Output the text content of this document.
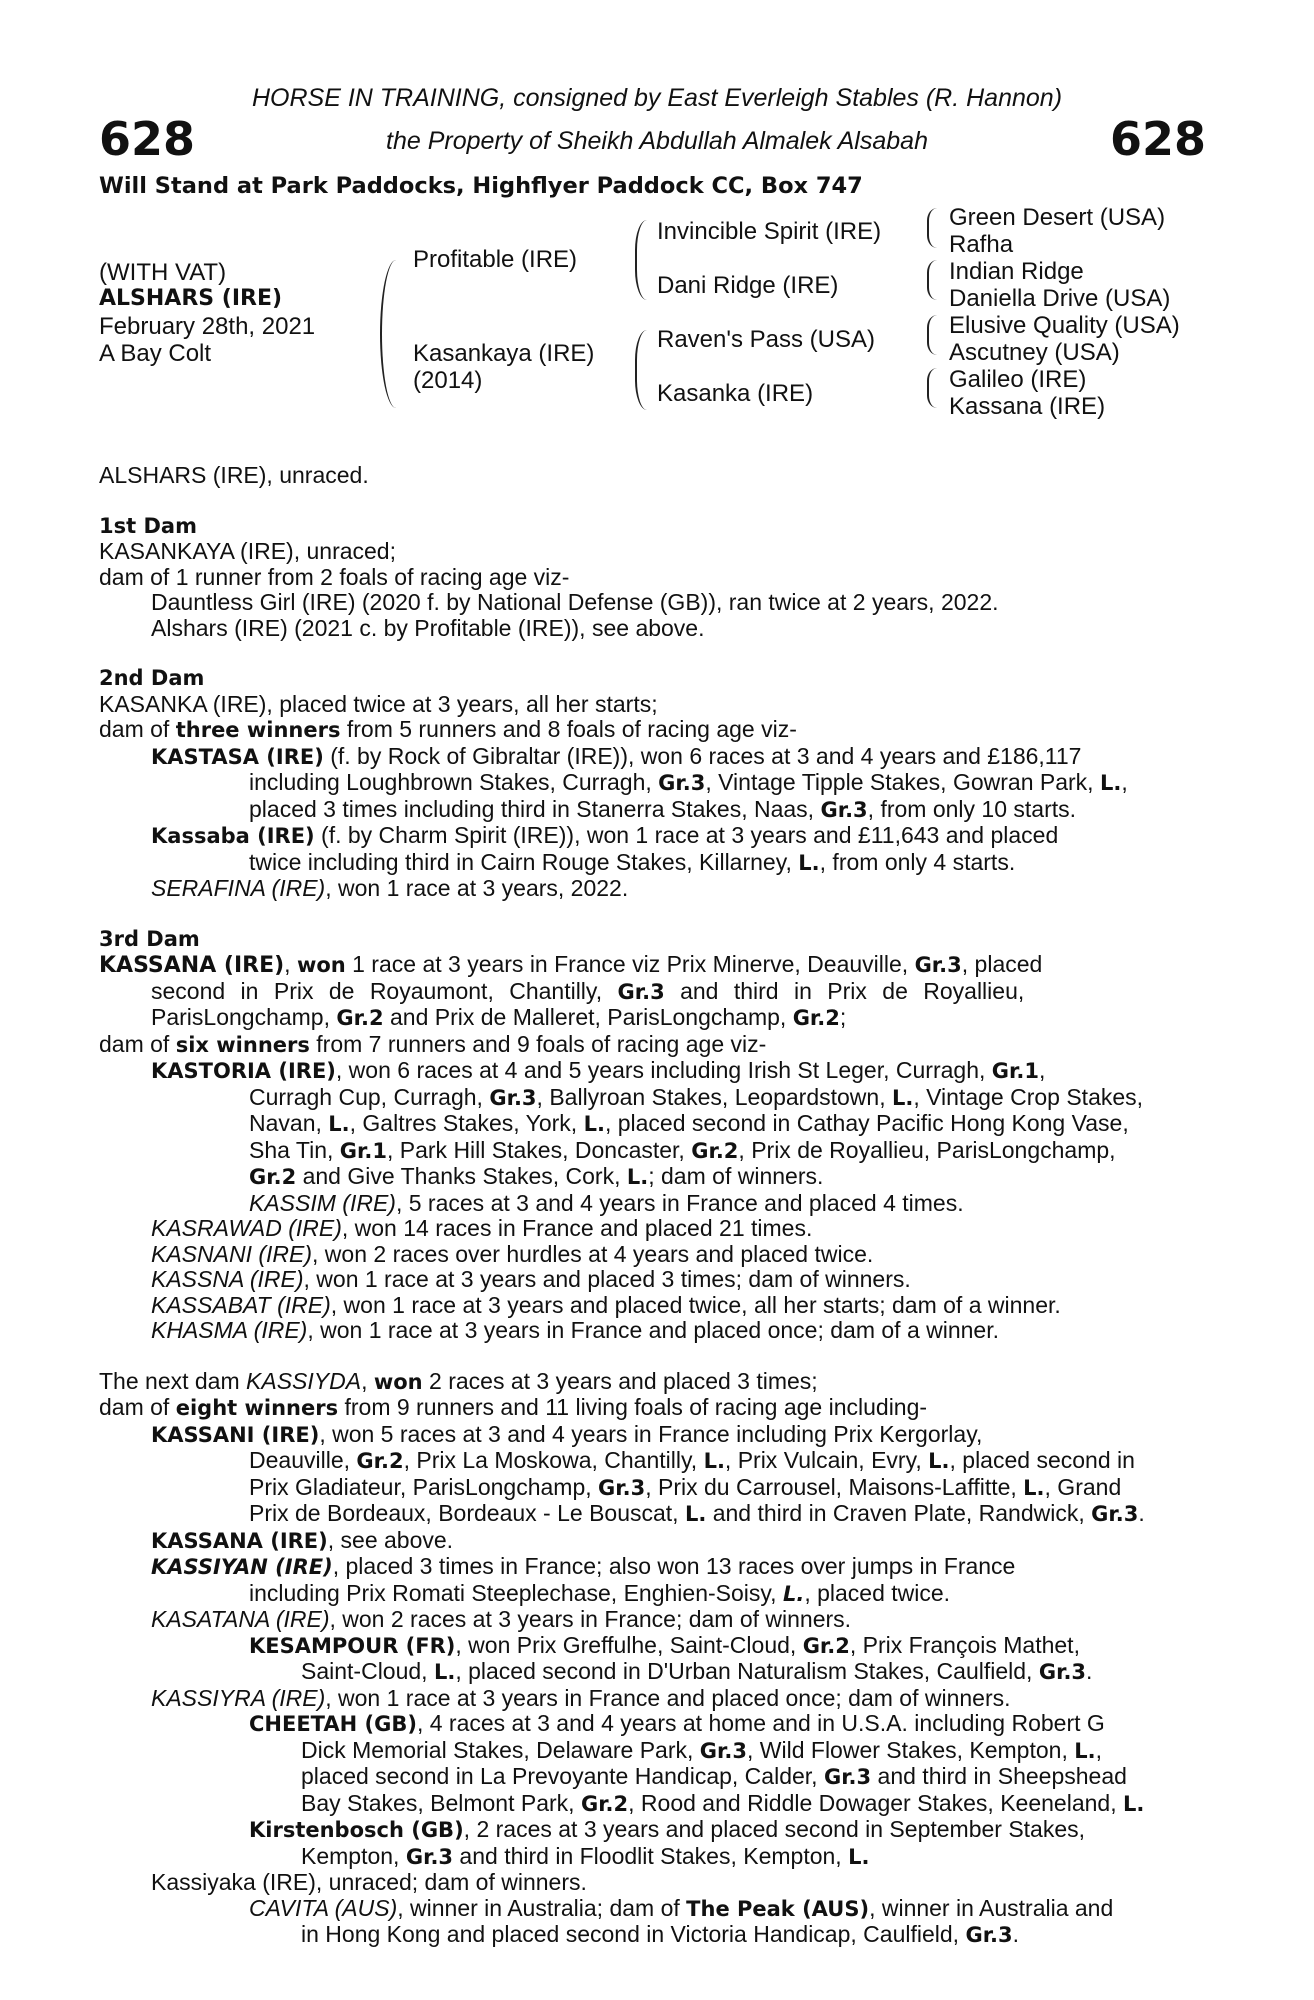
628	628
HORSE IN TRAINING, consigned by East Everleigh Stables (R. Hannon)
the Property of Sheikh Abdullah Almalek Alsabah
Will Stand at Park Paddocks, Highflyer Paddock CC, Box 747
(WITH VAT)
ALSHARS (IRE)
February 28th, 2021
A Bay Colt
Profitable (IRE)
Kasankaya (IRE)
(2014)
Invincible Spirit (IRE)
Dani Ridge (IRE)
Raven's Pass (USA)
Kasanka (IRE)
Green Desert (USA)
Rafha
Indian Ridge
Daniella Drive (USA)
Elusive Quality (USA)
Ascutney (USA)
Galileo (IRE)
Kassana (IRE)
ALSHARS (IRE), unraced.
1st Dam
KASANKAYA (IRE), unraced;
dam of 1 runner from 2 foals of racing age viz-
Dauntless Girl (IRE) (2020 f. by National Defense (GB)), ran twice at 2 years, 2022.
Alshars (IRE) (2021 c. by Profitable (IRE)), see above.
2nd Dam
KASANKA (IRE), placed twice at 3 years, all her starts;
dam of three winners from 5 runners and 8 foals of racing age viz-
KASTASA (IRE) (f. by Rock of Gibraltar (IRE)), won 6 races at 3 and 4 years and £186,117
including Loughbrown Stakes, Curragh, Gr.3, Vintage Tipple Stakes, Gowran Park, L.,
placed 3 times including third in Stanerra Stakes, Naas, Gr.3, from only 10 starts.
Kassaba (IRE) (f. by Charm Spirit (IRE)), won 1 race at 3 years and £11,643 and placed
twice including third in Cairn Rouge Stakes, Killarney, L., from only 4 starts.
SERAFINA (IRE), won 1 race at 3 years, 2022.
3rd Dam
KASSANA (IRE), won 1 race at 3 years in France viz Prix Minerve, Deauville, Gr.3, placed
second in Prix de Royaumont, Chantilly, Gr.3 and third in Prix de Royallieu,
ParisLongchamp, Gr.2 and Prix de Malleret, ParisLongchamp, Gr.2;
dam of six winners from 7 runners and 9 foals of racing age viz-
KASTORIA (IRE), won 6 races at 4 and 5 years including Irish St Leger, Curragh, Gr.1,
Curragh Cup, Curragh, Gr.3, Ballyroan Stakes, Leopardstown, L., Vintage Crop Stakes,
Navan, L., Galtres Stakes, York, L., placed second in Cathay Pacific Hong Kong Vase,
Sha Tin, Gr.1, Park Hill Stakes, Doncaster, Gr.2, Prix de Royallieu, ParisLongchamp,
Gr.2 and Give Thanks Stakes, Cork, L.; dam of winners.
KASSIM (IRE), 5 races at 3 and 4 years in France and placed 4 times.
KASRAWAD (IRE), won 14 races in France and placed 21 times.
KASNANI (IRE), won 2 races over hurdles at 4 years and placed twice.
KASSNA (IRE), won 1 race at 3 years and placed 3 times; dam of winners.
KASSABAT (IRE), won 1 race at 3 years and placed twice, all her starts; dam of a winner.
KHASMA (IRE), won 1 race at 3 years in France and placed once; dam of a winner.
The next dam KASSIYDA, won 2 races at 3 years and placed 3 times;
dam of eight winners from 9 runners and 11 living foals of racing age including-
KASSANI (IRE), won 5 races at 3 and 4 years in France including Prix Kergorlay,
Deauville, Gr.2, Prix La Moskowa, Chantilly, L., Prix Vulcain, Evry, L., placed second in
Prix Gladiateur, ParisLongchamp, Gr.3, Prix du Carrousel, Maisons-Laffitte, L., Grand
Prix de Bordeaux, Bordeaux - Le Bouscat, L. and third in Craven Plate, Randwick, Gr.3.
KASSANA (IRE), see above.
KASSIYAN (IRE), placed 3 times in France; also won 13 races over jumps in France
including Prix Romati Steeplechase, Enghien-Soisy, L., placed twice.
KASATANA (IRE), won 2 races at 3 years in France; dam of winners.
KESAMPOUR (FR), won Prix Greffulhe, Saint-Cloud, Gr.2, Prix François Mathet,
Saint-Cloud, L., placed second in D'Urban Naturalism Stakes, Caulfield, Gr.3.
KASSIYRA (IRE), won 1 race at 3 years in France and placed once; dam of winners.
CHEETAH (GB), 4 races at 3 and 4 years at home and in U.S.A. including Robert G
Dick Memorial Stakes, Delaware Park, Gr.3, Wild Flower Stakes, Kempton, L.,
placed second in La Prevoyante Handicap, Calder, Gr.3 and third in Sheepshead
Bay Stakes, Belmont Park, Gr.2, Rood and Riddle Dowager Stakes, Keeneland, L.
Kirstenbosch (GB), 2 races at 3 years and placed second in September Stakes,
Kempton, Gr.3 and third in Floodlit Stakes, Kempton, L.
Kassiyaka (IRE), unraced; dam of winners.
CAVITA (AUS), winner in Australia; dam of The Peak (AUS), winner in Australia and
in Hong Kong and placed second in Victoria Handicap, Caulfield, Gr.3.
